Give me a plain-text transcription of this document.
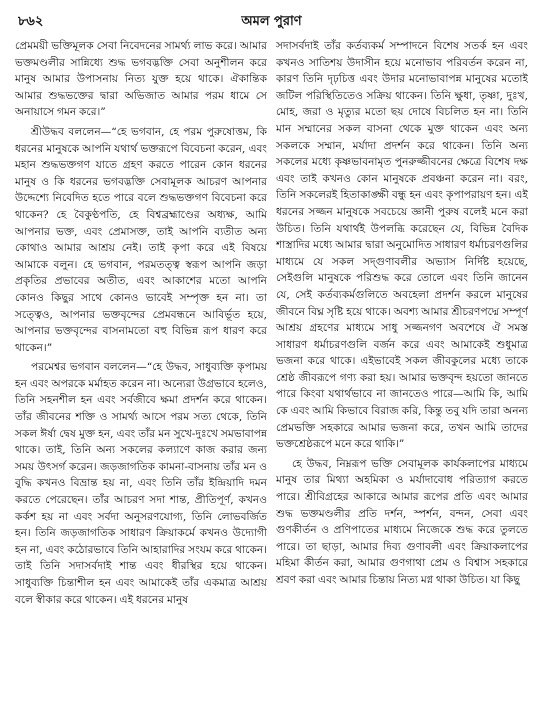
৮৬২	অমল পুরাণ

প্রেমময়ী ভক্তিমূলক সেবা নিবেদনের সামর্থ্য লাভ করে। আমার ভক্তমণ্ডলীর সান্নিধ্যে শুদ্ধ ভগবদ্ভক্তি সেবা অনুশীলন করে মানুষ আমার উপাসনায় নিত্য যুক্ত হয়ে থাকে। ঐকান্তিক আমার শুদ্ধভক্তের দ্বারা অভিজাত আমার পরম ধামে সে অনায়াসে গমন করে।”

শ্রীউদ্ধব বললেন—“হে ভগবান, হে পরম পুরুষোত্তম, কি ধরনের মানুষকে আপনি যথার্থ ভক্তরূপে বিবেচনা করেন, এবং মহান শুদ্ধভক্তগণ যাতে গ্রহণ করতে পারেন কোন ধরনের মানুষ ও কি ধরনের ভগবদ্ভক্তি সেবামূলক আচরণ আপনার উদ্দেশ্যে নিবেদিত হতে পারে বলে শুদ্ধভক্তগণ বিবেচনা করে থাকেন? হে বৈকুণ্ঠপতি, হে বিশ্বব্রহ্মাণ্ডের অধ্যক্ষ, আমি আপনার ভক্ত, এবং প্রেমাসক্ত, তাই আপনি ব্যতীত অন্য কোথাও আমার আশ্রয় নেই। তাই কৃপা করে এই বিষয়ে আমাকে বলুন। হে ভগবান, পরমতত্ত্ব স্বরূপ আপনি জড়া প্রকৃতির প্রভাবের অতীত, এবং আকাশের মতো আপনি কোনও কিছুর সাথে কোনও ভাবেই সম্পৃক্ত হন না। তা সত্ত্বেও, আপনার ভক্তবৃন্দের প্রেমবন্ধনে আবির্ভূত হয়ে, আপনার ভক্তবৃন্দের বাসনামতো বহু বিভিন্ন রূপ ধারণ করে থাকেন।”

পরমেশ্বর ভগবান বললেন—“হে উদ্ধব, সাধুব্যক্তি কৃপাময় হন এবং অপরকে মর্মাহত করেন না। অন্যেরা উগ্রভাবে হলেও, তিনি সহনশীল হন এবং সর্বজীবে ক্ষমা প্রদর্শন করে থাকেন। তাঁর জীবনের শক্তি ও সামর্থ্য আসে পরম সত্য থেকে, তিনি সকল ঈর্ষা দ্বেষ মুক্ত হন, এবং তাঁর মন সুখে-দুঃখে সমভাবাপন্ন থাকে। তাই, তিনি অন্য সকলের কল্যাণে কাজ করার জন্য সময় উৎসর্গ করেন। জড়জাগতিক কামনা-বাসনায় তাঁর মন ও বুদ্ধি কখনও বিভ্রান্ত হয় না, এবং তিনি তাঁর ইন্দ্রিয়াদি দমন করতে পেরেছেন। তাঁর আচরণ সদা শান্ত, প্রীতিপূর্ণ, কখনও কর্কশ হয় না এবং সর্বদা অনুসরণযোগ্য, তিনি লোভবর্জিত হন। তিনি জড়জাগতিক সাধারণ ক্রিয়াকর্মে কখনও উদ্যোগী হন না, এবং কঠোরভাবে তিনি আহারাদির সংযম করে থাকেন। তাই তিনি সদাসর্বদাই শান্ত এবং ধীরস্থির হয়ে থাকেন। সাধুব্যক্তি চিন্তাশীল হন এবং আমাকেই তাঁর একমাত্র আশ্রয় বলে স্বীকার করে থাকেন। এই ধরনের মানুষ

সদাসর্বদাই তাঁর কর্তব্যকর্ম সম্পাদনে বিশেষ সতর্ক হন এবং কখনও সাতিশয় উদাসীন হয়ে মনোভাব পরিবর্তন করেন না, কারণ তিনি দৃঢ়চিত্ত এবং উদার মনোভাবাপন্ন মানুষের মতোই জটিল পরিস্থিতিতেও সক্রিয় থাকেন। তিনি ক্ষুধা, তৃষ্ণা, দুঃখ, মোহ, জরা ও মৃত্যুর মতো ছয় দোষে বিচলিত হন না। তিনি মান সম্মানের সকল বাসনা থেকে মুক্ত থাকেন এবং অন্য সকলকে সম্মান, মর্যাদা প্রদর্শন করে থাকেন। তিনি অন্য সকলের মধ্যে কৃষ্ণভাবনামৃত পুনরুজ্জীবনের ক্ষেত্রে বিশেষ দক্ষ এবং তাই কখনও কোন মানুষকে প্রবঞ্চনা করেন না। বরং, তিনি সকলেরই হিতাকাঙ্ক্ষী বন্ধু হন এবং কৃপাপরায়ণ হন। এই ধরনের সজ্জন মানুষকে সবচেয়ে জ্ঞানী পুরুষ বলেই মনে করা উচিত। তিনি যথার্থই উপলব্ধি করেছেন যে, বিভিন্ন বৈদিক শাস্ত্রাদির মধ্যে আমার দ্বারা অনুমোদিত সাধারণ ধর্মাচরণগুলির মাধ্যমে যে সকল সদ্গুণাবলীর অভ্যাস নির্দিষ্ট হয়েছে, সেইগুলি মানুষকে পরিশুদ্ধ করে তোলে এবং তিনি জানেন যে, সেই কর্তব্যকর্মগুলিতে অবহেলা প্রদর্শন করলে মানুষের জীবনে বিঘ্ন সৃষ্টি হয়ে থাকে। অবশ্য আমার শ্রীচরণপদ্মে সম্পূর্ণ আশ্রয় গ্রহণের মাধ্যমে সাধু সজ্জনগণ অবশেষে ঐ সমস্ত সাধারণ ধর্মাচরণগুলি বর্জন করে এবং আমাকেই শুধুমাত্র ভজনা করে থাকে। এইভাবেই সকল জীবকুলের মধ্যে তাকে শ্রেষ্ঠ জীবরূপে গণ্য করা হয়। আমার ভক্তবৃন্দ হয়তো জানতে পারে কিংবা যথার্থভাবে না জানতেও পারে—আমি কি, আমি কে এবং আমি কিভাবে বিরাজ করি, কিন্তু তবু যদি তারা অনন্য প্রেমভক্তি সহকারে আমার ভজনা করে, তখন আমি তাদের ভক্তশ্রেষ্ঠরূপে মনে করে থাকি।”

হে উদ্ধব, নিম্নরূপ ভক্তি সেবামূলক কার্যকলাপের মাধ্যমে মানুষ তার মিথ্যা অহমিকা ও মর্যাদাবোধ পরিত্যাগ করতে পারে। শ্রীবিগ্রহের আকারে আমার রূপের প্রতি এবং আমার শুদ্ধ ভক্তমণ্ডলীর প্রতি দর্শন, স্পর্শন, বন্দন, সেবা এবং গুণকীর্তন ও প্রণিপাতের মাধ্যমে নিজেকে শুদ্ধ করে তুলতে পারে। তা ছাড়া, আমার দিব্য গুণাবলী এবং ক্রিয়াকলাপের মহিমা কীর্তন করা, আমার গুণগাথা প্রেম ও বিশ্বাস সহকারে শ্রবণ করা এবং আমার চিন্তায় নিত্য মগ্ন থাকা উচিত। যা কিছু
